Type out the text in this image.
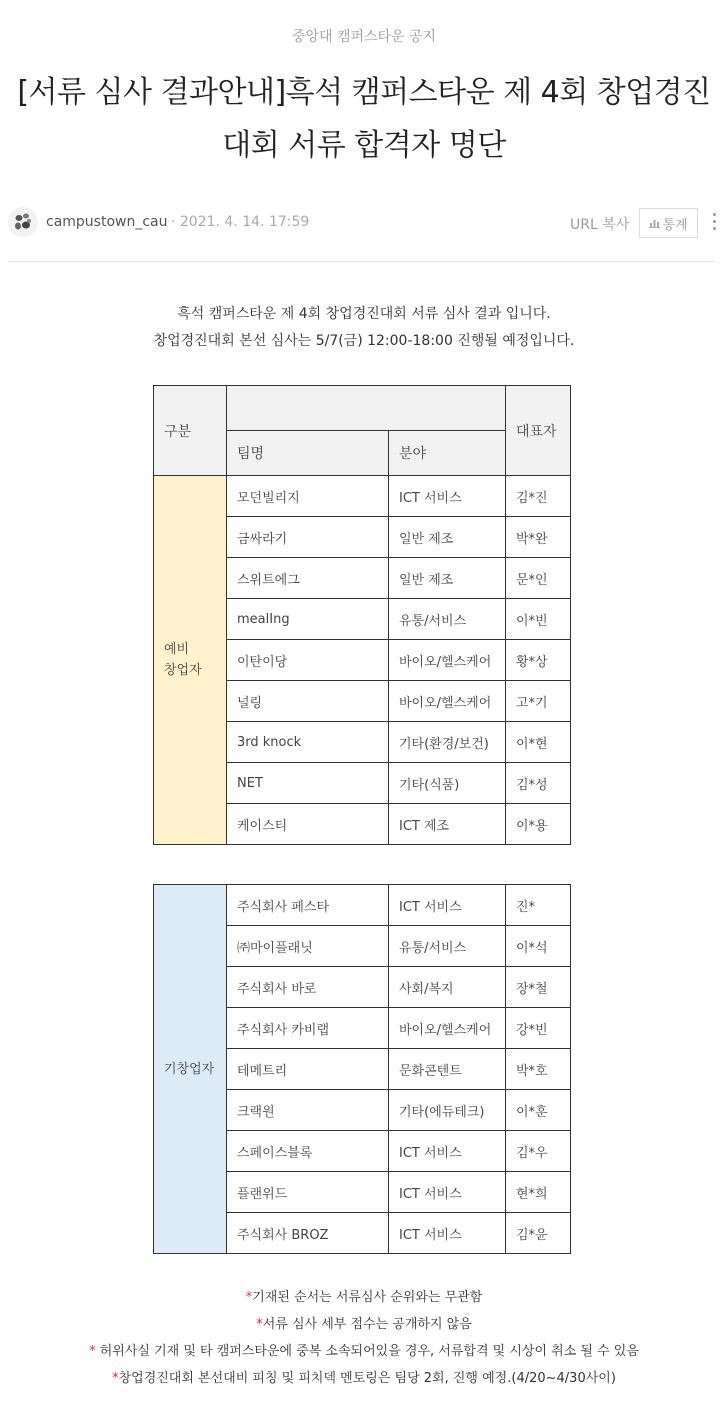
중앙대 캠퍼스타운 공지
[서류 심사 결과안내]흑석 캠퍼스타운 제 4회 창업경진
대회 서류 합격자 명단
campustown_cau · 2021. 4. 14. 17:59	URL 복사	통계
흑석 캠퍼스타운 제 4회 창업경진대회 서류 심사 결과 입니다.
창업경진대회 본선 심사는 5/7(금) 12:00-18:00 진행될 예정입니다.
구분			대표자
	팀명	분야	
예비
창업자	모던빌리지	ICT 서비스	김*진
	금싸라기	일반 제조	박*완
	스위트에그	일반 제조	문*인
	mealIng	유통/서비스	이*빈
	이탄이당	바이오/헬스케어	황*상
	널링	바이오/헬스케어	고*기
	3rd knock	기타(환경/보건)	이*현
	NET	기타(식품)	김*성
	케이스티	ICT 제조	이*용
기창업자	주식회사 페스타	ICT 서비스	진*
	㈜마이플래닛	유통/서비스	이*석
	주식회사 바로	사회/복지	장*철
	주식회사 카비랩	바이오/헬스케어	강*빈
	테메트리	문화콘텐트	박*호
	크랙원	기타(에듀테크)	이*훈
	스페이스블록	ICT 서비스	김*우
	플랜위드	ICT 서비스	현*희
	주식회사 BROZ	ICT 서비스	김*윤
*기재된 순서는 서류심사 순위와는 무관함
*서류 심사 세부 점수는 공개하지 않음
* 허위사실 기재 및 타 캠퍼스타운에 중복 소속되어있을 경우, 서류합격 및 시상이 취소 될 수 있음
*창업경진대회 본선대비 피칭 및 피치덱 멘토링은 팀당 2회, 진행 예정.(4/20~4/30사이)
